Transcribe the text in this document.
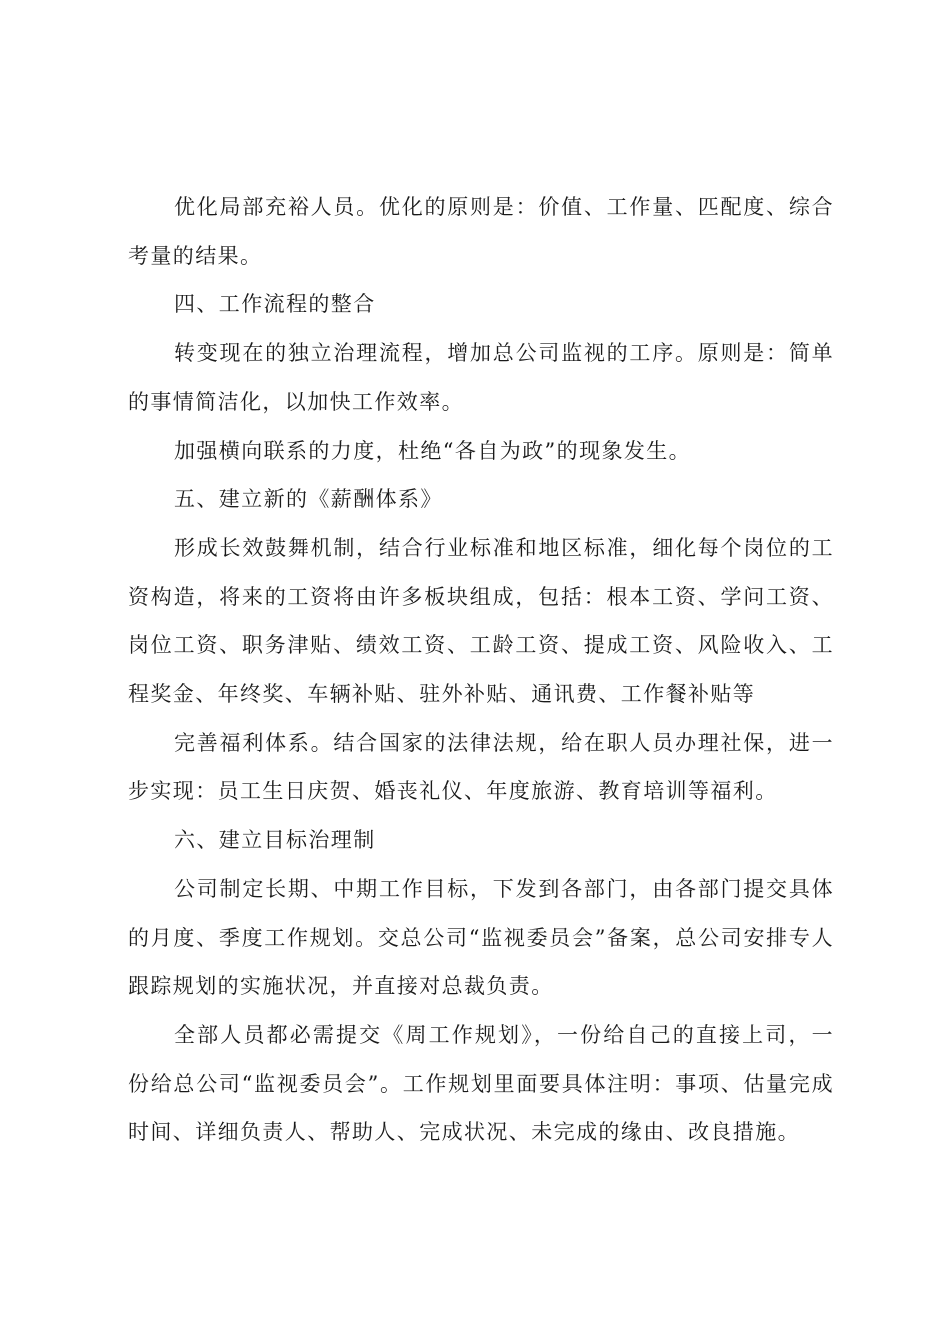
优化局部充裕人员。优化的原则是：价值、工作量、匹配度、综合考量的结果。

四、工作流程的整合

转变现在的独立治理流程，增加总公司监视的工序。原则是：简单的事情简洁化，以加快工作效率。

加强横向联系的力度，杜绝“各自为政”的现象发生。

五、建立新的《薪酬体系》

形成长效鼓舞机制，结合行业标准和地区标准，细化每个岗位的工资构造，将来的工资将由许多板块组成，包括：根本工资、学问工资、岗位工资、职务津贴、绩效工资、工龄工资、提成工资、风险收入、工程奖金、年终奖、车辆补贴、驻外补贴、通讯费、工作餐补贴等

完善福利体系。结合国家的法律法规，给在职人员办理社保，进一步实现：员工生日庆贺、婚丧礼仪、年度旅游、教育培训等福利。

六、建立目标治理制

公司制定长期、中期工作目标，下发到各部门，由各部门提交具体的月度、季度工作规划。交总公司“监视委员会”备案，总公司安排专人跟踪规划的实施状况，并直接对总裁负责。

全部人员都必需提交《周工作规划》，一份给自己的直接上司，一份给总公司“监视委员会”。工作规划里面要具体注明：事项、估量完成时间、详细负责人、帮助人、完成状况、未完成的缘由、改良措施。
